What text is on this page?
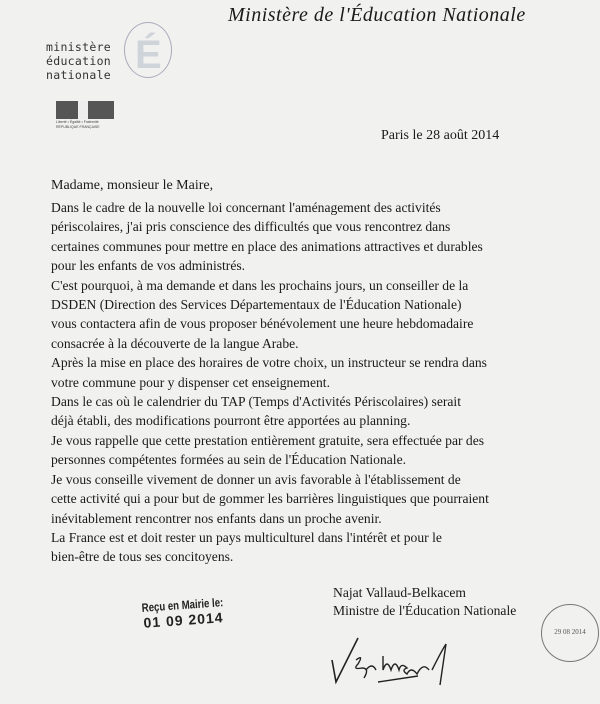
ministère
éducation
nationale É
Liberté • Égalité • Fraternité
RÉPUBLIQUE FRANÇAISE
Ministère de l'Éducation Nationale
Paris le 28 août 2014
Madame, monsieur le Maire,
Dans le cadre de la nouvelle loi concernant l'aménagement des activités
périscolaires, j'ai pris conscience des difficultés que vous rencontrez dans
certaines communes pour mettre en place des animations attractives et durables
pour les enfants de vos administrés.
C'est pourquoi, à ma demande et dans les prochains jours, un conseiller de la
DSDEN (Direction des Services Départementaux de l'Éducation Nationale)
vous contactera afin de vous proposer bénévolement une heure hebdomadaire
consacrée à la découverte de la langue Arabe.
Après la mise en place des horaires de votre choix, un instructeur se rendra dans
votre commune pour y dispenser cet enseignement.
Dans le cas où le calendrier du TAP (Temps d'Activités Périscolaires) serait
déjà établi, des modifications pourront être apportées au planning.
Je vous rappelle que cette prestation entièrement gratuite, sera effectuée par des
personnes compétentes formées au sein de l'Éducation Nationale.
Je vous conseille vivement de donner un avis favorable à l'établissement de
cette activité qui a pour but de gommer les barrières linguistiques que pourraient
inévitablement rencontrer nos enfants dans un proche avenir.
La France est et doit rester un pays multiculturel dans l'intérêt et pour le
bien-être de tous ses concitoyens.
Reçu en Mairie le:
01 09 2014
Najat Vallaud-Belkacem
Ministre de l'Éducation Nationale
29 08 2014
